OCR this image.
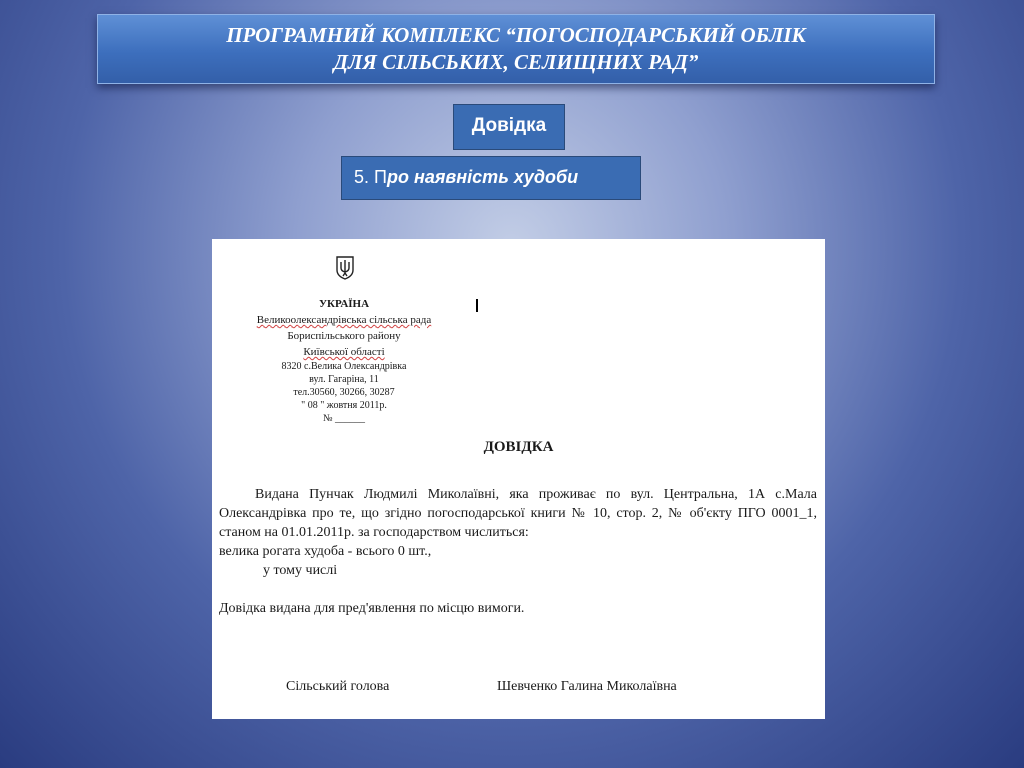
ПРОГРАМНИЙ КОМПЛЕКС “ПОГОСПОДАРСЬКИЙ ОБЛІК
ДЛЯ СІЛЬСЬКИХ, СЕЛИЩНИХ РАД”
Довідка
5. Про наявність худоби
УКРАЇНА
Великоолександрівська сільська рада
Бориспільського району
Київської області
8320 с.Велика Олександрівка
вул. Гагаріна, 11
тел.30560, 30266, 30287
" 08 " жовтня 2011р.
№ ______
ДОВІДКА

Видана Пунчак Людмилі Миколаївні, яка проживає по вул. Центральна, 1А с.Мала Олександрівка про те, що згідно погосподарської книги № 10, стор. 2, № об'єкту ПГО 0001_1, станом на 01.01.2011р. за господарством числиться:

велика рогата худоба - всього 0 шт.,

у тому числі

Довідка видана для пред'явлення по місцю вимоги.

Сільський голова	Шевченко Галина Миколаївна
